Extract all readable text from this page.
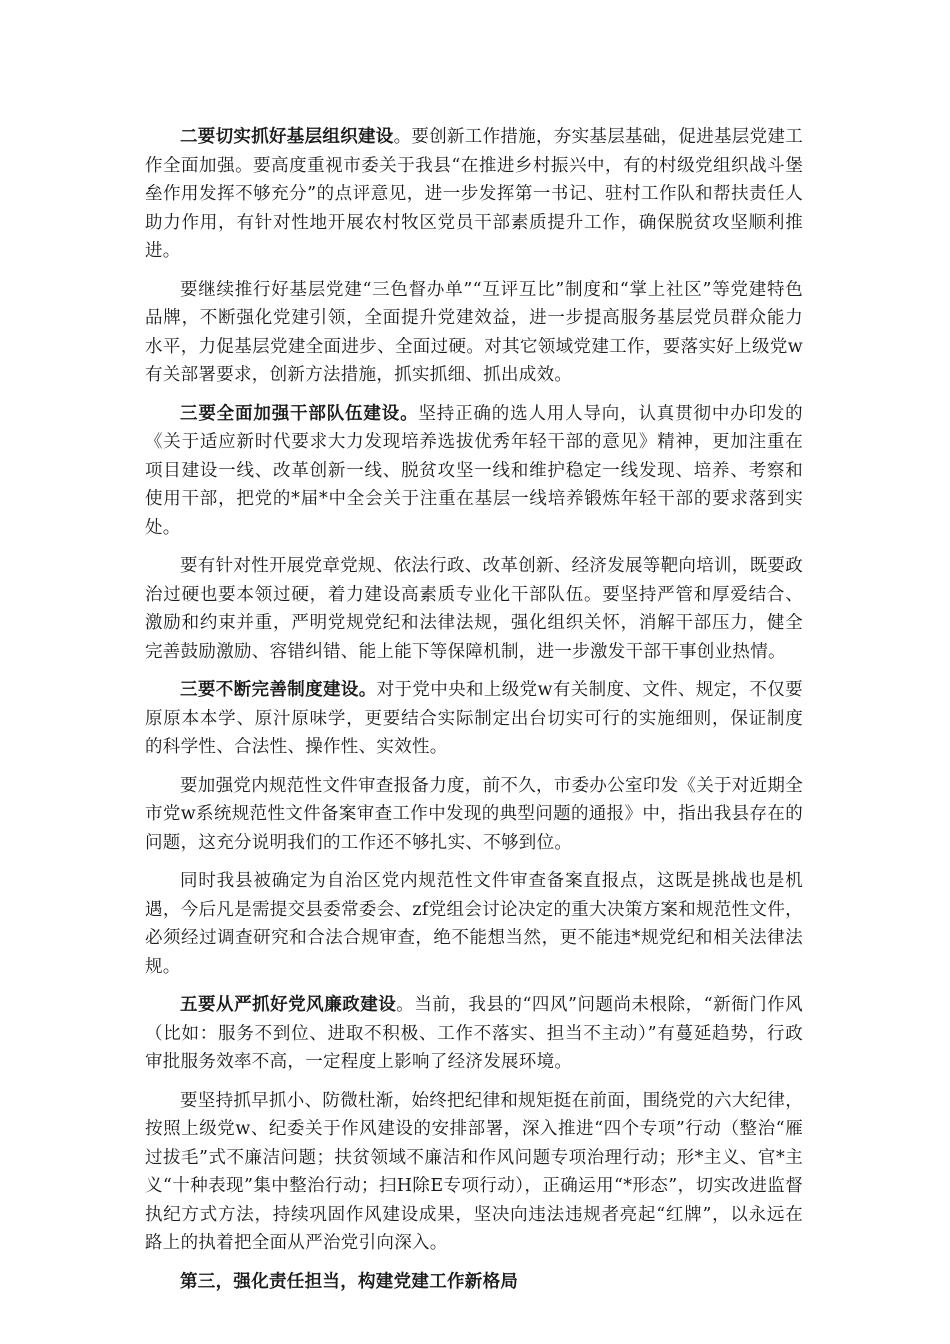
二要切实抓好基层组织建设。要创新工作措施，夯实基层基础，促进基层党建工作全面加强。要高度重视市委关于我县“在推进乡村振兴中，有的村级党组织战斗堡垒作用发挥不够充分”的点评意见，进一步发挥第一书记、驻村工作队和帮扶责任人助力作用，有针对性地开展农村牧区党员干部素质提升工作，确保脱贫攻坚顺利推进。

要继续推行好基层党建“三色督办单”“互评互比”制度和“掌上社区”等党建特色品牌，不断强化党建引领，全面提升党建效益，进一步提高服务基层党员群众能力水平，力促基层党建全面进步、全面过硬。对其它领域党建工作，要落实好上级党w有关部署要求，创新方法措施，抓实抓细、抓出成效。

三要全面加强干部队伍建设。坚持正确的选人用人导向，认真贯彻中办印发的《关于适应新时代要求大力发现培养选拔优秀年轻干部的意见》精神，更加注重在项目建设一线、改革创新一线、脱贫攻坚一线和维护稳定一线发现、培养、考察和使用干部，把党的*届*中全会关于注重在基层一线培养锻炼年轻干部的要求落到实处。

要有针对性开展党章党规、依法行政、改革创新、经济发展等靶向培训，既要政治过硬也要本领过硬，着力建设高素质专业化干部队伍。要坚持严管和厚爱结合、激励和约束并重，严明党规党纪和法律法规，强化组织关怀，消解干部压力，健全完善鼓励激励、容错纠错、能上能下等保障机制，进一步激发干部干事创业热情。

三要不断完善制度建设。对于党中央和上级党w有关制度、文件、规定，不仅要原原本本学、原汁原味学，更要结合实际制定出台切实可行的实施细则，保证制度的科学性、合法性、操作性、实效性。

要加强党内规范性文件审查报备力度，前不久，市委办公室印发《关于对近期全市党w系统规范性文件备案审查工作中发现的典型问题的通报》中，指出我县存在的问题，这充分说明我们的工作还不够扎实、不够到位。

同时我县被确定为自治区党内规范性文件审查备案直报点，这既是挑战也是机遇，今后凡是需提交县委常委会、zf党组会讨论决定的重大决策方案和规范性文件，必须经过调查研究和合法合规审查，绝不能想当然，更不能违*规党纪和相关法律法规。

五要从严抓好党风廉政建设。当前，我县的“四风”问题尚未根除，“新衙门作风（比如：服务不到位、进取不积极、工作不落实、担当不主动）”有蔓延趋势，行政审批服务效率不高，一定程度上影响了经济发展环境。

要坚持抓早抓小、防微杜渐，始终把纪律和规矩挺在前面，围绕党的六大纪律，按照上级党w、纪委关于作风建设的安排部署，深入推进“四个专项”行动（整治“雁过拔毛”式不廉洁问题；扶贫领域不廉洁和作风问题专项治理行动；形*主义、官*主义“十种表现”集中整治行动；扫H除E专项行动），正确运用“*形态”，切实改进监督执纪方式方法，持续巩固作风建设成果，坚决向违法违规者亮起“红牌”，以永远在路上的执着把全面从严治党引向深入。

第三，强化责任担当，构建党建工作新格局
